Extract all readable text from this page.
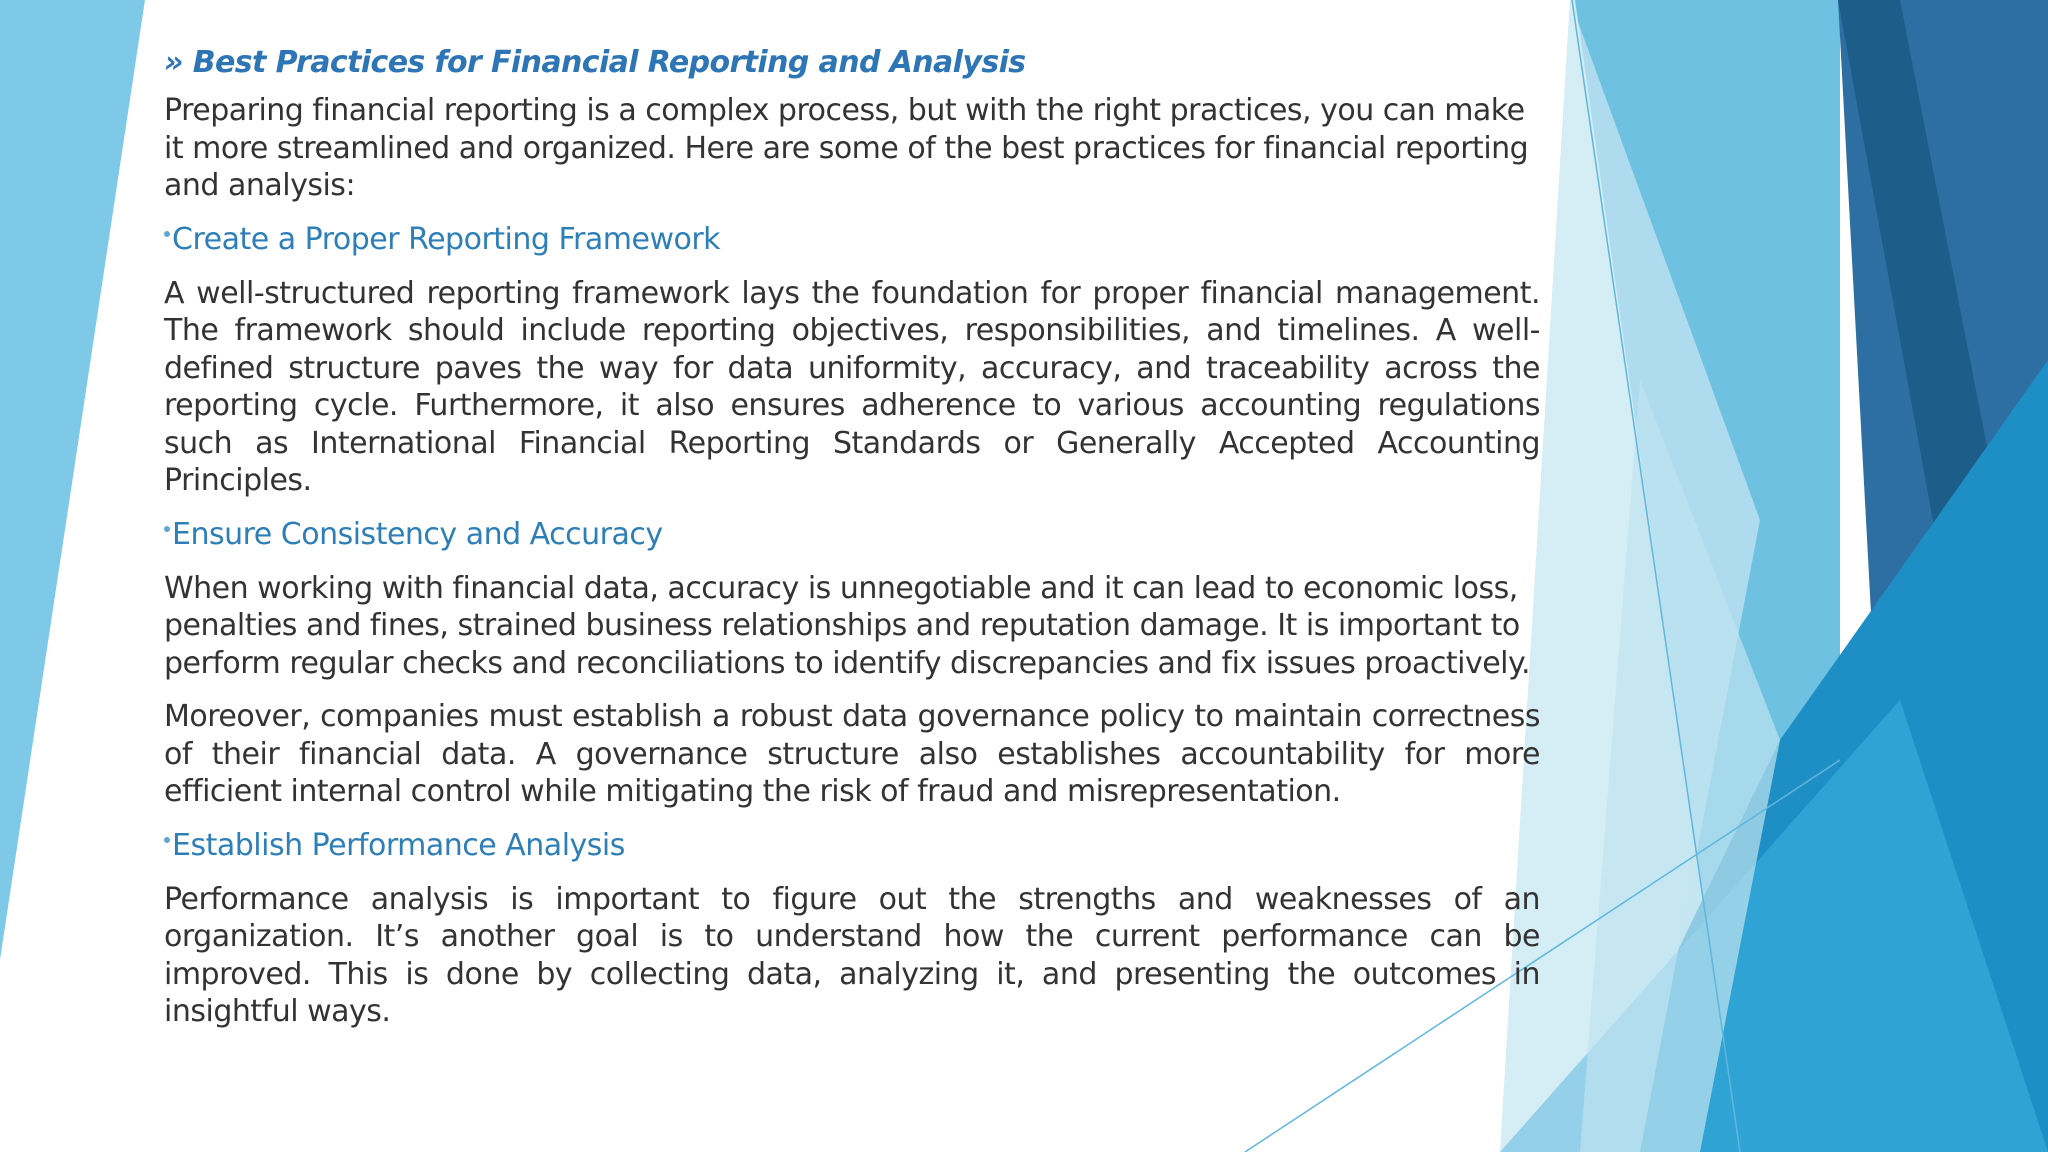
» Best Practices for Financial Reporting and Analysis
Preparing financial reporting is a complex process, but with the right practices, you can make it more streamlined and organized. Here are some of the best practices for financial reporting and analysis:
Create a Proper Reporting Framework
A well-structured reporting framework lays the foundation for proper financial management. The framework should include reporting objectives, responsibilities, and timelines. A well-defined structure paves the way for data uniformity, accuracy, and traceability across the reporting cycle. Furthermore, it also ensures adherence to various accounting regulations such as International Financial Reporting Standards or Generally Accepted Accounting Principles.
Ensure Consistency and Accuracy
When working with financial data, accuracy is unnegotiable and it can lead to economic loss, penalties and fines, strained business relationships and reputation damage. It is important to perform regular checks and reconciliations to identify discrepancies and fix issues proactively.
Moreover, companies must establish a robust data governance policy to maintain correctness of their financial data. A governance structure also establishes accountability for more efficient internal control while mitigating the risk of fraud and misrepresentation.
Establish Performance Analysis
Performance analysis is important to figure out the strengths and weaknesses of an organization. It’s another goal is to understand how the current performance can be improved. This is done by collecting data, analyzing it, and presenting the outcomes in insightful ways.
